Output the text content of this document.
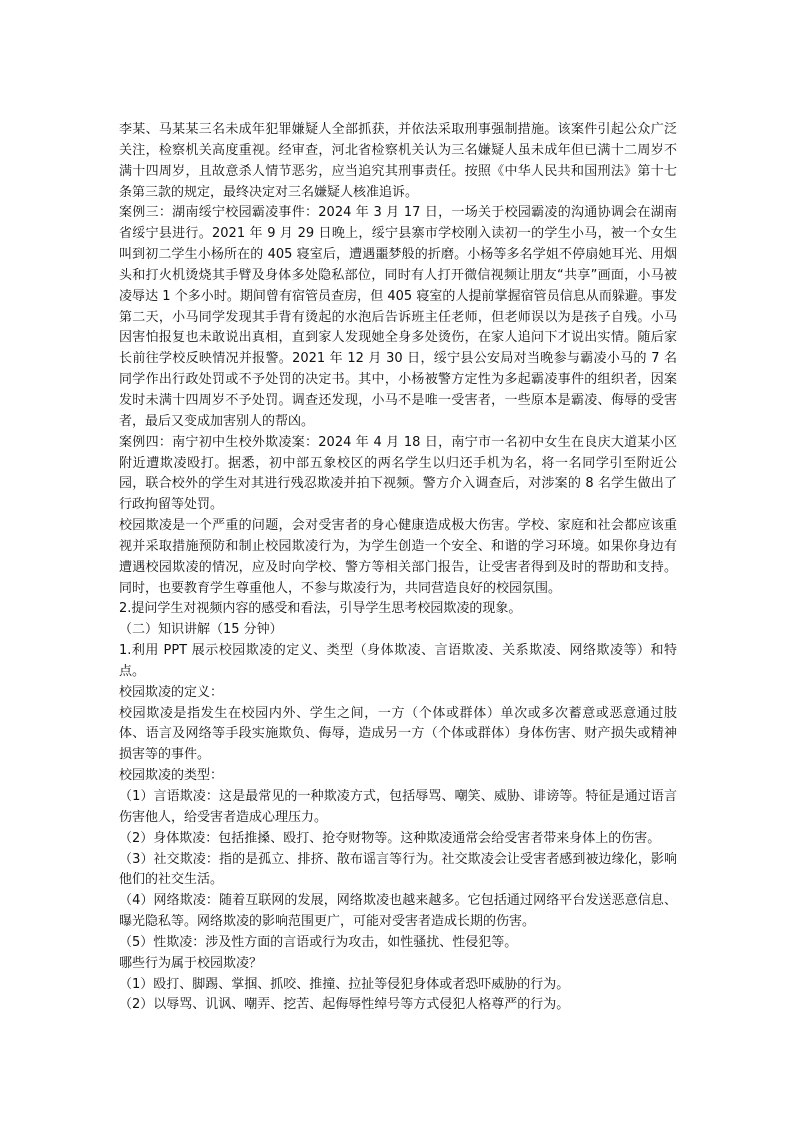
李某、马某某三名未成年犯罪嫌疑人全部抓获，并依法采取刑事强制措施。该案件引起公众广泛关注，检察机关高度重视。经审查，河北省检察机关认为三名嫌疑人虽未成年但已满十二周岁不满十四周岁，且故意杀人情节恶劣，应当追究其刑事责任。按照《中华人民共和国刑法》第十七条第三款的规定，最终决定对三名嫌疑人核准追诉。

案例三：湖南绥宁校园霸凌事件：2024 年 3 月 17 日，一场关于校园霸凌的沟通协调会在湖南省绥宁县进行。2021 年 9 月 29 日晚上，绥宁县寨市学校刚入读初一的学生小马，被一个女生叫到初二学生小杨所在的 405 寝室后，遭遇噩梦般的折磨。小杨等多名学姐不停扇她耳光、用烟头和打火机烫烧其手臂及身体多处隐私部位，同时有人打开微信视频让朋友“共享”画面，小马被凌辱达 1 个多小时。期间曾有宿管员查房，但 405 寝室的人提前掌握宿管员信息从而躲避。事发第二天，小马同学发现其手背有烫起的水泡后告诉班主任老师，但老师误以为是孩子自残。小马因害怕报复也未敢说出真相，直到家人发现她全身多处烫伤，在家人追问下才说出实情。随后家长前往学校反映情况并报警。2021 年 12 月 30 日，绥宁县公安局对当晚参与霸凌小马的 7 名同学作出行政处罚或不予处罚的决定书。其中，小杨被警方定性为多起霸凌事件的组织者，因案发时未满十四周岁不予处罚。调查还发现，小马不是唯一受害者，一些原本是霸凌、侮辱的受害者，最后又变成加害别人的帮凶。

案例四：南宁初中生校外欺凌案：2024 年 4 月 18 日，南宁市一名初中女生在良庆大道某小区附近遭欺凌殴打。据悉，初中部五象校区的两名学生以归还手机为名，将一名同学引至附近公园，联合校外的学生对其进行残忍欺凌并拍下视频。警方介入调查后，对涉案的 8 名学生做出了行政拘留等处罚。

校园欺凌是一个严重的问题，会对受害者的身心健康造成极大伤害。学校、家庭和社会都应该重视并采取措施预防和制止校园欺凌行为，为学生创造一个安全、和谐的学习环境。如果你身边有遭遇校园欺凌的情况，应及时向学校、警方等相关部门报告，让受害者得到及时的帮助和支持。同时，也要教育学生尊重他人，不参与欺凌行为，共同营造良好的校园氛围。

2.提问学生对视频内容的感受和看法，引导学生思考校园欺凌的现象。

（二）知识讲解（15 分钟）

1.利用 PPT 展示校园欺凌的定义、类型（身体欺凌、言语欺凌、关系欺凌、网络欺凌等）和特点。

校园欺凌的定义：

校园欺凌是指发生在校园内外、学生之间，一方（个体或群体）单次或多次蓄意或恶意通过肢体、语言及网络等手段实施欺负、侮辱，造成另一方（个体或群体）身体伤害、财产损失或精神损害等的事件。

校园欺凌的类型：

（1）言语欺凌：这是最常见的一种欺凌方式，包括辱骂、嘲笑、威胁、诽谤等。特征是通过语言伤害他人，给受害者造成心理压力。

（2）身体欺凌：包括推搡、殴打、抢夺财物等。这种欺凌通常会给受害者带来身体上的伤害。

（3）社交欺凌：指的是孤立、排挤、散布谣言等行为。社交欺凌会让受害者感到被边缘化，影响他们的社交生活。

（4）网络欺凌：随着互联网的发展，网络欺凌也越来越多。它包括通过网络平台发送恶意信息、曝光隐私等。网络欺凌的影响范围更广，可能对受害者造成长期的伤害。

（5）性欺凌：涉及性方面的言语或行为攻击，如性骚扰、性侵犯等。

哪些行为属于校园欺凌？

（1）殴打、脚踢、掌掴、抓咬、推撞、拉扯等侵犯身体或者恐吓威胁的行为。

（2）以辱骂、讥讽、嘲弄、挖苦、起侮辱性绰号等方式侵犯人格尊严的行为。
